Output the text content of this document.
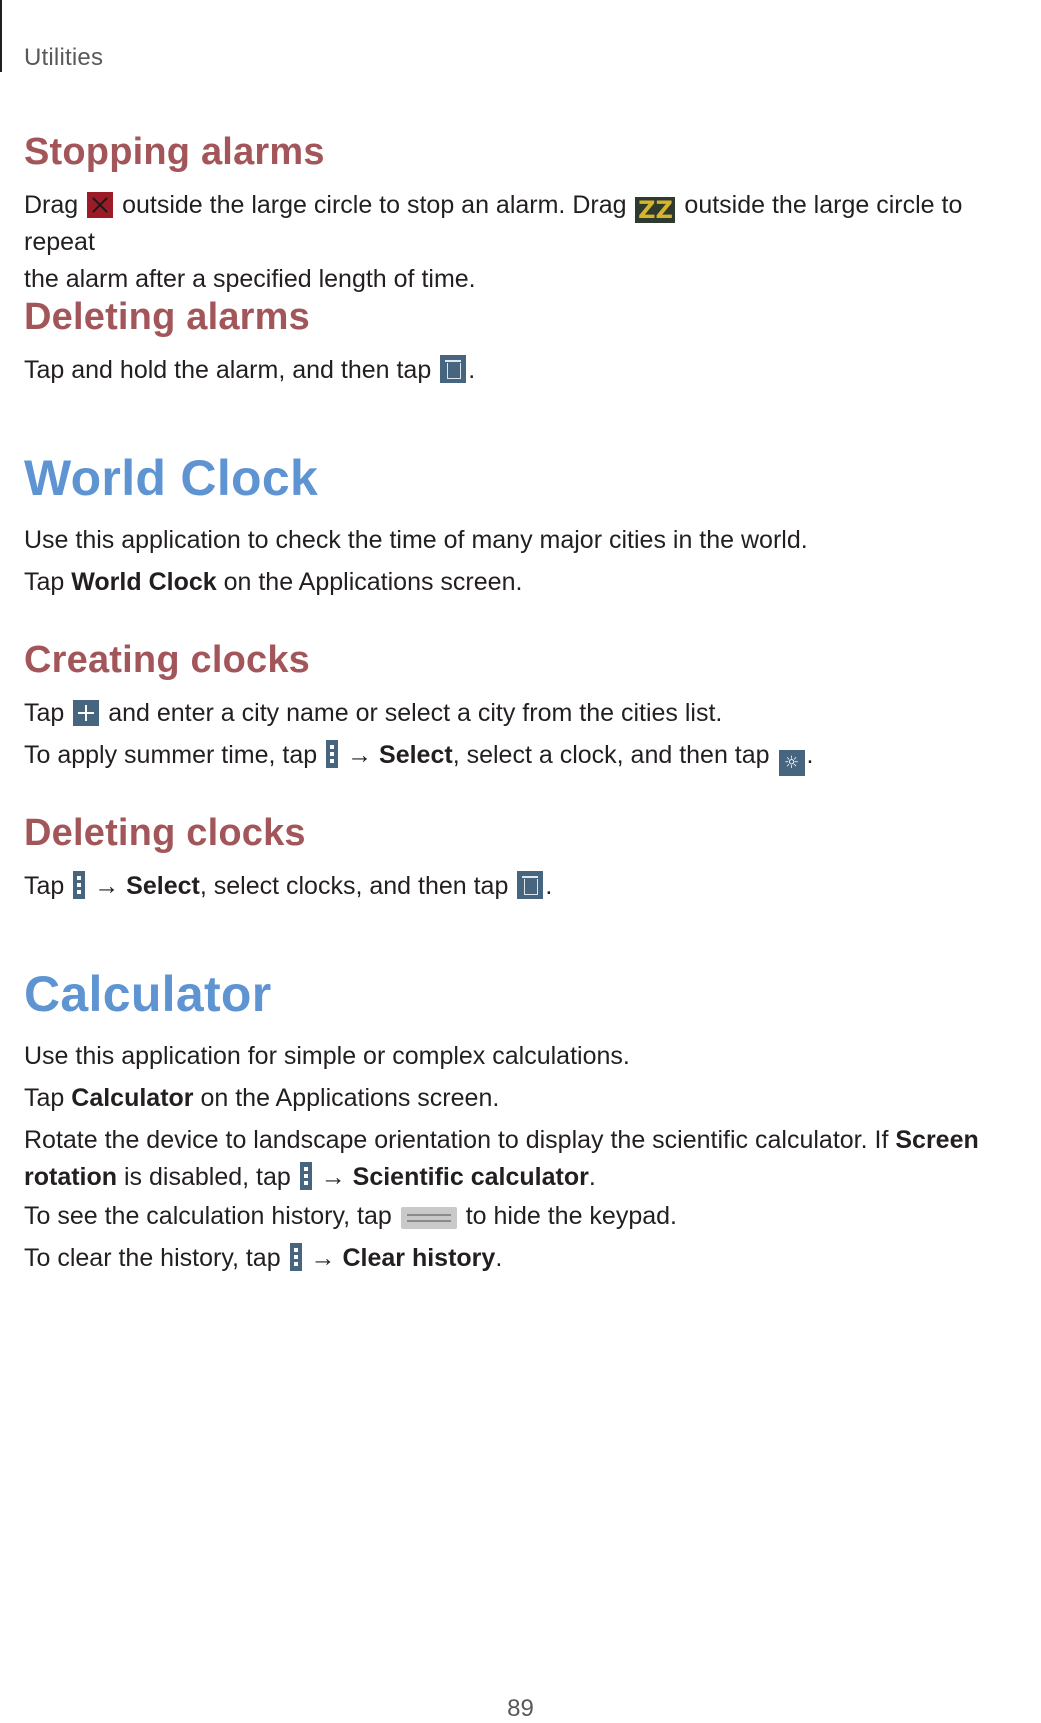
Utilities
Stopping alarms

Drag outside the large circle to stop an alarm. Drag ZZ outside the large circle to repeat
the alarm after a specified length of time.

Deleting alarms

Tap and hold the alarm, and then tap .

World Clock

Use this application to check the time of many major cities in the world.

Tap World Clock on the Applications screen.

Creating clocks

Tap and enter a city name or select a city from the cities list.

To apply summer time, tap → Select, select a clock, and then tap ☼ .

Deleting clocks

Tap → Select, select clocks, and then tap .

Calculator

Use this application for simple or complex calculations.

Tap Calculator on the Applications screen.

Rotate the device to landscape orientation to display the scientific calculator. If Screen
rotation is disabled, tap → Scientific calculator.

To see the calculation history, tap	to hide the keypad.

To clear the history, tap → Clear history.

89
